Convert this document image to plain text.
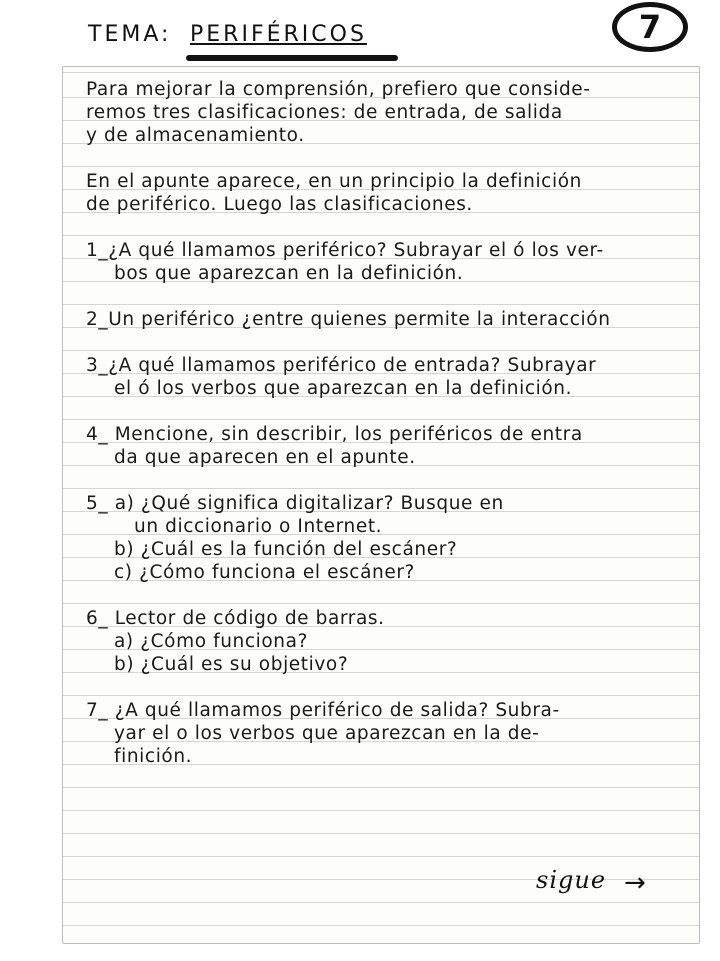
TEMA: PERIFÉRICOS	7
Para mejorar la comprensión, prefiero que conside-
remos tres clasificaciones: de entrada, de salida
y de almacenamiento.
En el apunte aparece, en un principio la definición
de periférico. Luego las clasificaciones.
1_¿A qué llamamos periférico? Subrayar el ó los ver-
bos que aparezcan en la definición.
2_Un periférico ¿entre quienes permite la interacción
3_¿A qué llamamos periférico de entrada? Subrayar
el ó los verbos que aparezcan en la definición.
4_ Mencione, sin describir, los periféricos de entra
da que aparecen en el apunte.
5_ a) ¿Qué significa digitalizar? Busque en
un diccionario o Internet.
b) ¿Cuál es la función del escáner?
c) ¿Cómo funciona el escáner?
6_ Lector de código de barras.
a) ¿Cómo funciona?
b) ¿Cuál es su objetivo?
7_ ¿A qué llamamos periférico de salida? Subra-
yar el o los verbos que aparezcan en la de-
finición.
sigue →
